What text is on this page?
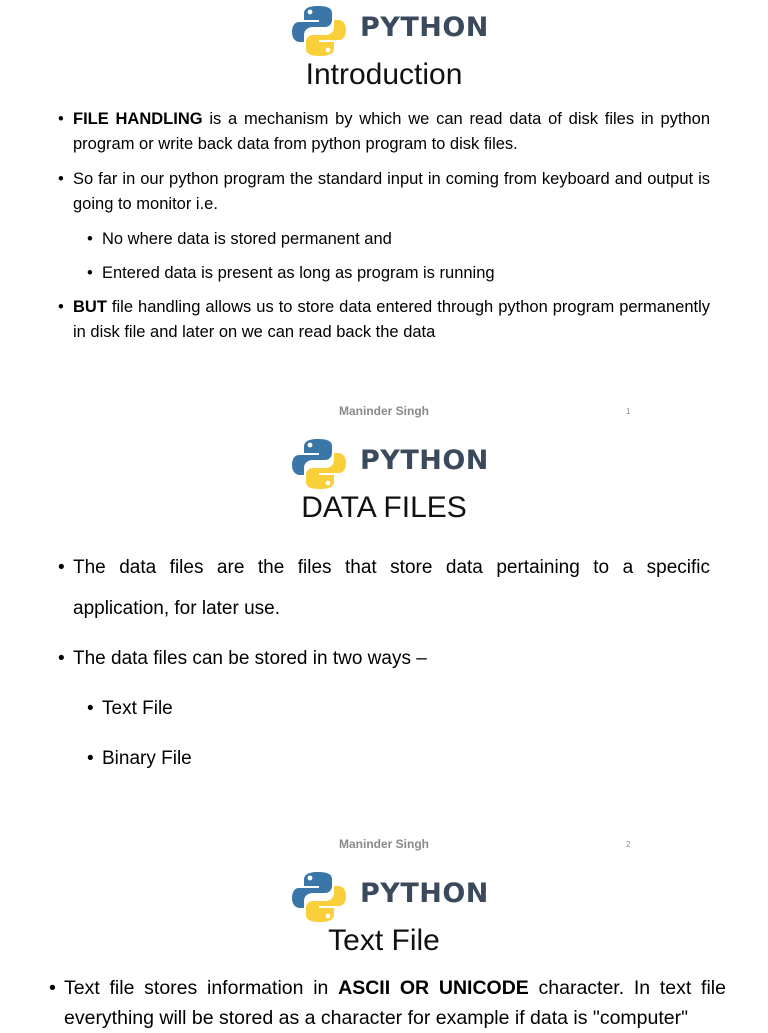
PYTHON
Introduction
• FILE HANDLING is a mechanism by which we can read data of disk files in python program or write back data from python program to disk files.
• So far in our python program the standard input in coming from keyboard and output is going to monitor i.e.
• No where data is stored permanent and
• Entered data is present as long as program is running
• BUT file handling allows us to store data entered through python program permanently in disk file and later on we can read back the data
Maninder Singh	1
PYTHON
DATA FILES
• The data files are the files that store data pertaining to a specific application, for later use.
• The data files can be stored in two ways –
• Text File
• Binary File
Maninder Singh	2
PYTHON
Text File
• Text file stores information in ASCII OR UNICODE character. In text file everything will be stored as a character for example if data is "computer"
